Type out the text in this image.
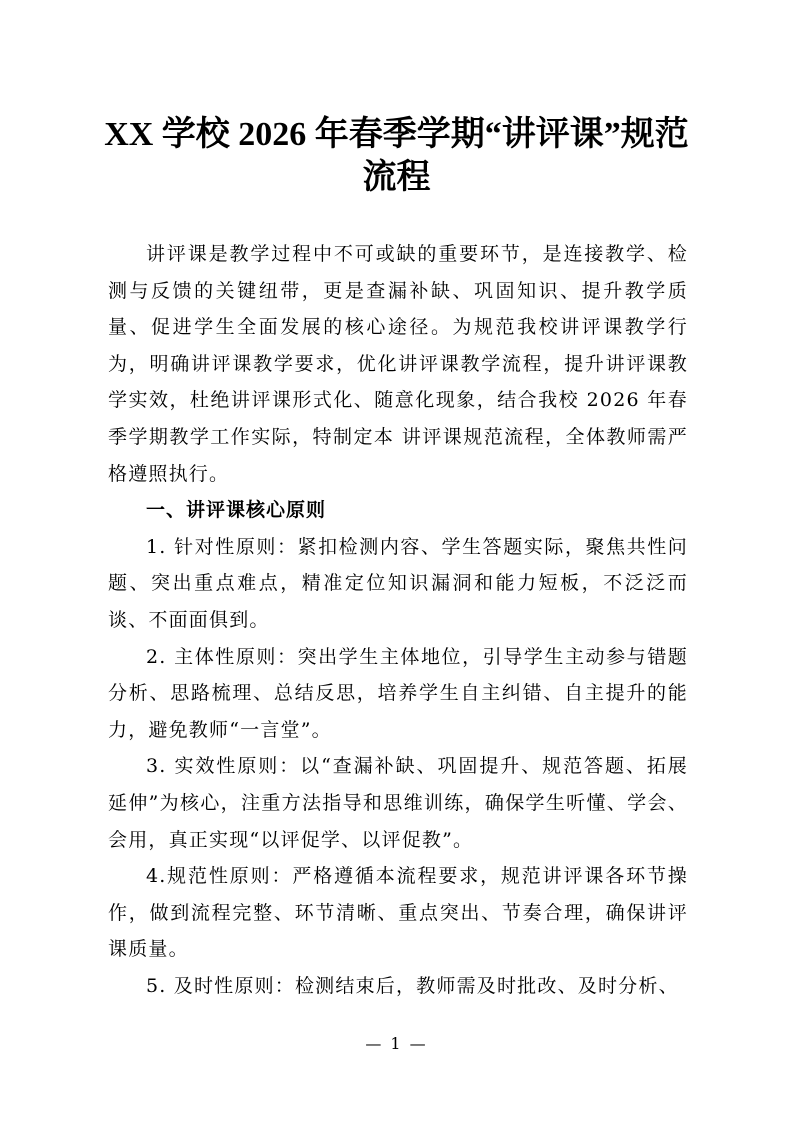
XX 学校 2026 年春季学期“讲评课”规范
流程

讲评课是教学过程中不可或缺的重要环节，是连接教学、检测与反馈的关键纽带，更是查漏补缺、巩固知识、提升教学质量、促进学生全面发展的核心途径。为规范我校讲评课教学行为，明确讲评课教学要求，优化讲评课教学流程，提升讲评课教学实效，杜绝讲评课形式化、随意化现象，结合我校 2026 年春季学期教学工作实际，特制定本 讲评课规范流程，全体教师需严格遵照执行。

一、讲评课核心原则

1. 针对性原则：紧扣检测内容、学生答题实际，聚焦共性问题、突出重点难点，精准定位知识漏洞和能力短板，不泛泛而谈、不面面俱到。

2. 主体性原则：突出学生主体地位，引导学生主动参与错题分析、思路梳理、总结反思，培养学生自主纠错、自主提升的能力，避免教师“一言堂”。

3. 实效性原则：以“查漏补缺、巩固提升、规范答题、拓展延伸”为核心，注重方法指导和思维训练，确保学生听懂、学会、会用，真正实现“以评促学、以评促教”。

4.规范性原则：严格遵循本流程要求，规范讲评课各环节操作，做到流程完整、环节清晰、重点突出、节奏合理，确保讲评课质量。

5. 及时性原则：检测结束后，教师需及时批改、及时分析、

— 1 —
